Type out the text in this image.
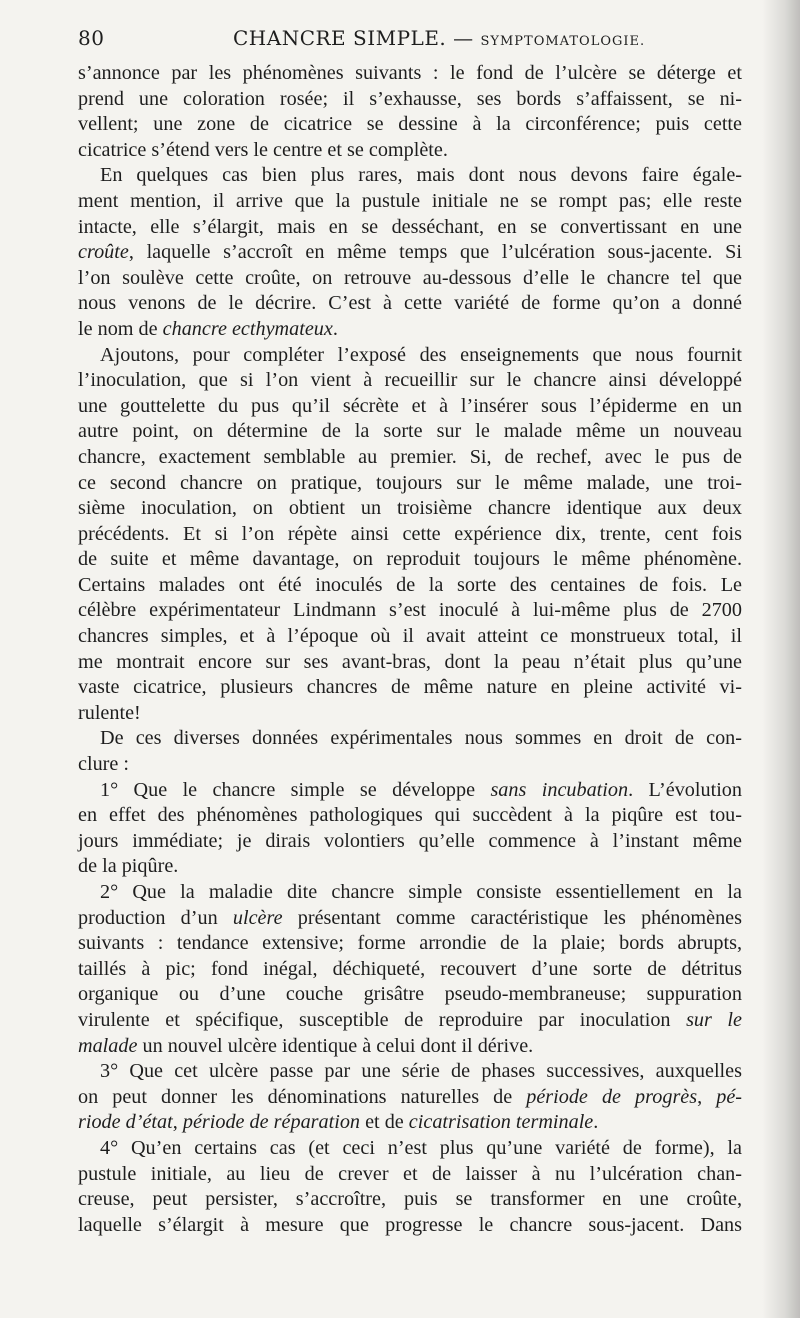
80	CHANCRE SIMPLE. — SYMPTOMATOLOGIE.
s’annonce par les phénomènes suivants : le fond de l’ulcère se déterge et
prend une coloration rosée; il s’exhausse, ses bords s’affaissent, se ni-
vellent; une zone de cicatrice se dessine à la circonférence; puis cette
cicatrice s’étend vers le centre et se complète.
En quelques cas bien plus rares, mais dont nous devons faire égale-
ment mention, il arrive que la pustule initiale ne se rompt pas; elle reste
intacte, elle s’élargit, mais en se desséchant, en se convertissant en une
croûte, laquelle s’accroît en même temps que l’ulcération sous-jacente. Si
l’on soulève cette croûte, on retrouve au-dessous d’elle le chancre tel que
nous venons de le décrire. C’est à cette variété de forme qu’on a donné
le nom de chancre ecthymateux.
Ajoutons, pour compléter l’exposé des enseignements que nous fournit
l’inoculation, que si l’on vient à recueillir sur le chancre ainsi développé
une gouttelette du pus qu’il sécrète et à l’insérer sous l’épiderme en un
autre point, on détermine de la sorte sur le malade même un nouveau
chancre, exactement semblable au premier. Si, de rechef, avec le pus de
ce second chancre on pratique, toujours sur le même malade, une troi-
sième inoculation, on obtient un troisième chancre identique aux deux
précédents. Et si l’on répète ainsi cette expérience dix, trente, cent fois
de suite et même davantage, on reproduit toujours le même phénomène.
Certains malades ont été inoculés de la sorte des centaines de fois. Le
célèbre expérimentateur Lindmann s’est inoculé à lui-même plus de 2700
chancres simples, et à l’époque où il avait atteint ce monstrueux total, il
me montrait encore sur ses avant-bras, dont la peau n’était plus qu’une
vaste cicatrice, plusieurs chancres de même nature en pleine activité vi-
rulente!
De ces diverses données expérimentales nous sommes en droit de con-
clure :
1° Que le chancre simple se développe sans incubation. L’évolution
en effet des phénomènes pathologiques qui succèdent à la piqûre est tou-
jours immédiate; je dirais volontiers qu’elle commence à l’instant même
de la piqûre.
2° Que la maladie dite chancre simple consiste essentiellement en la
production d’un ulcère présentant comme caractéristique les phénomènes
suivants : tendance extensive; forme arrondie de la plaie; bords abrupts,
taillés à pic; fond inégal, déchiqueté, recouvert d’une sorte de détritus
organique ou d’une couche grisâtre pseudo-membraneuse; suppuration
virulente et spécifique, susceptible de reproduire par inoculation sur le
malade un nouvel ulcère identique à celui dont il dérive.
3° Que cet ulcère passe par une série de phases successives, auxquelles
on peut donner les dénominations naturelles de période de progrès, pé-
riode d’état, période de réparation et de cicatrisation terminale.
4° Qu’en certains cas (et ceci n’est plus qu’une variété de forme), la
pustule initiale, au lieu de crever et de laisser à nu l’ulcération chan-
creuse, peut persister, s’accroître, puis se transformer en une croûte,
laquelle s’élargit à mesure que progresse le chancre sous-jacent. Dans
